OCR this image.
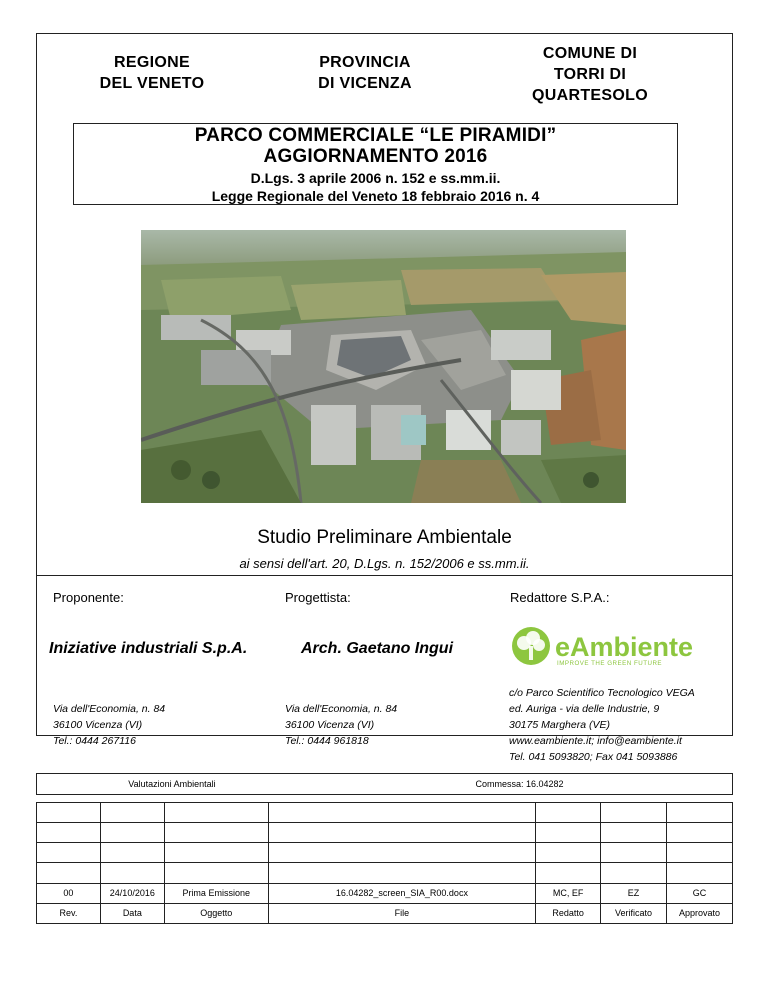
REGIONE
DEL VENETO
PROVINCIA
DI VICENZA
COMUNE DI
TORRI DI
QUARTESOLO
PARCO COMMERCIALE “LE PIRAMIDI”
AGGIORNAMENTO 2016
D.Lgs. 3 aprile 2006 n. 152 e ss.mm.ii.
Legge Regionale del Veneto 18 febbraio 2016 n. 4
Studio Preliminare Ambientale
ai sensi dell'art. 20, D.Lgs. n. 152/2006 e ss.mm.ii.
Proponente:	Progettista:	Redattore S.P.A.:
Iniziative industriali S.p.A.	Arch. Gaetano Ingui	eAmbiente
IMPROVE THE GREEN FUTURE
Via dell'Economia, n. 84
36100 Vicenza (VI)
Tel.: 0444 267116
Via dell'Economia, n. 84
36100 Vicenza (VI)
Tel.: 0444 961818
c/o Parco Scientifico Tecnologico VEGA
ed. Auriga - via delle Industrie, 9
30175 Marghera (VE)
www.eambiente.it; info@eambiente.it
Tel. 041 5093820; Fax 041 5093886
Valutazioni Ambientali	Commessa: 16.04282

00	24/10/2016	Prima Emissione	16.04282_screen_SIA_R00.docx	MC, EF	EZ	GC
Rev.	Data	Oggetto	File	Redatto	Verificato	Approvato
